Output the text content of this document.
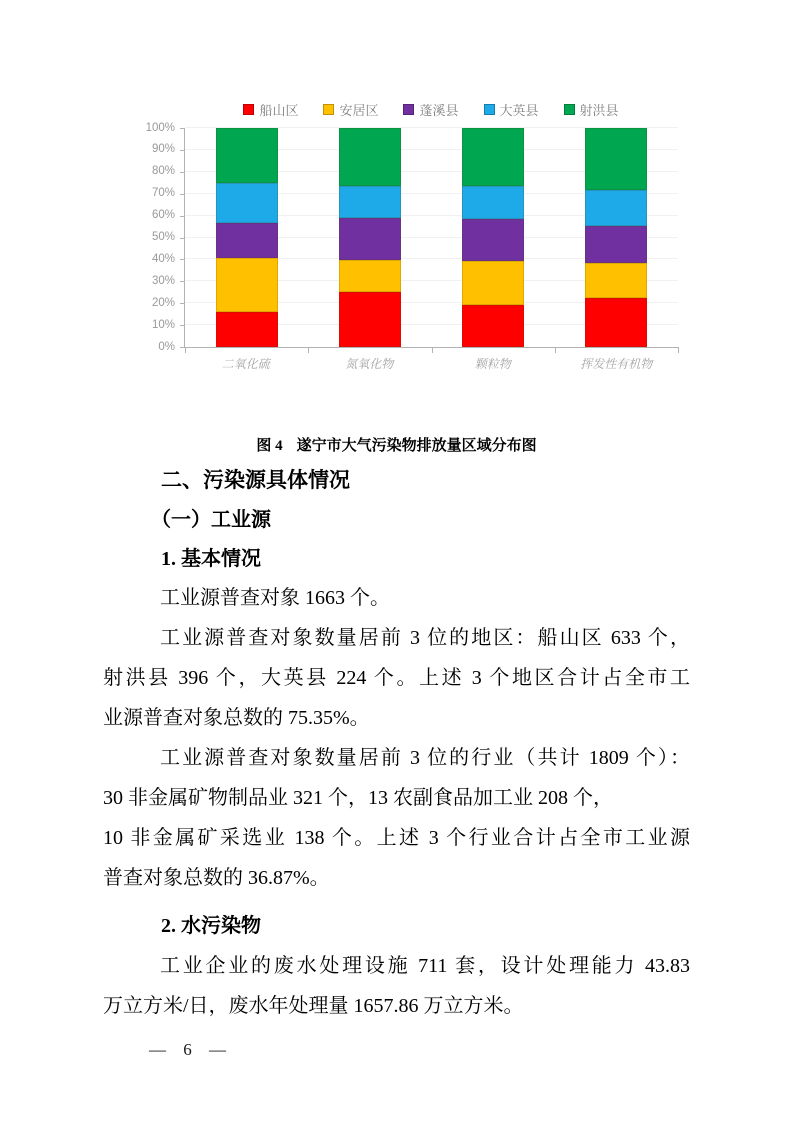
船山区	安居区	蓬溪县	大英县	射洪县
0%
10%
20%
30%
40%
50%
60%
70%
80%
90%
100%
二氧化硫	氮氧化物	颗粒物	挥发性有机物
图 4 遂宁市大气污染物排放量区域分布图
二、污染源具体情况
（一）工业源
1. 基本情况
工业源普查对象 1663 个。
工业源普查对象数量居前 3 位的地区：船山区 633 个，
射洪县 396 个，大英县 224 个。上述 3 个地区合计占全市工
业源普查对象总数的 75.35%。
工业源普查对象数量居前 3 位的行业（共计 1809 个）：
30 非金属矿物制品业 321 个，13 农副食品加工业 208 个，
10 非金属矿采选业 138 个。上述 3 个行业合计占全市工业源
普查对象总数的 36.87%。
2. 水污染物
工业企业的废水处理设施 711 套，设计处理能力 43.83
万立方米/日，废水年处理量 1657.86 万立方米。
— 6 —
